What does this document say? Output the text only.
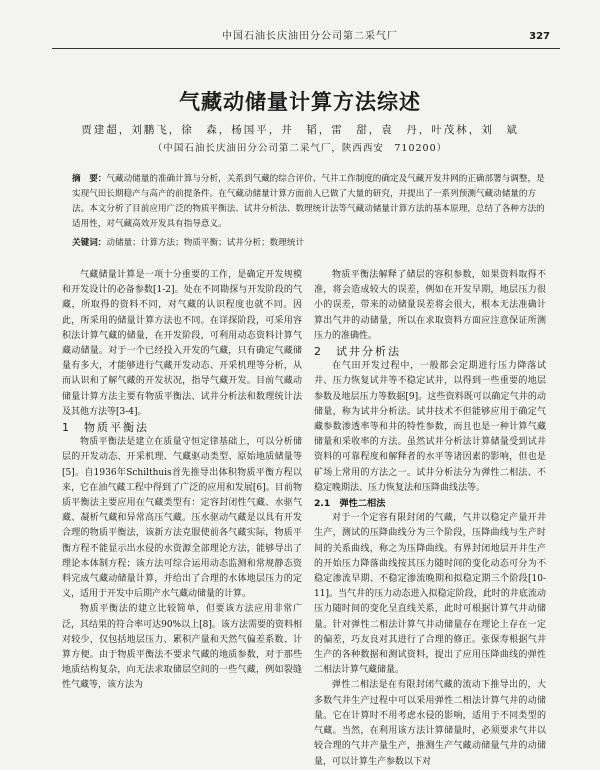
中国石油长庆油田分公司第二采气厂	327
气藏动储量计算方法综述
贾建超，刘鹏飞，徐　森，杨国平，井　韬，雷　甜，袁　丹，叶茂林，刘　斌
（中国石油长庆油田分公司第二采气厂，陕西西安　710200）
摘　要：气藏动储量的准确计算与分析，关系到气藏的综合评价、气井工作制度的确定及气藏开发井网的正确部署与调整，是实现气田长期稳产与高产的前提条件。在气藏动储量计算方面前人已做了大量的研究，并提出了一系列预测气藏动储量的方法。本文分析了目前应用广泛的物质平衡法、试井分析法、数理统计法等气藏动储量计算方法的基本原理，总结了各种方法的适用性，对气藏高效开发具有指导意义。
关键词：动储量；计算方法；物质平衡；试井分析；数理统计

气藏储量计算是一项十分重要的工作，是确定开发规模和开发设计的必备参数[1-2]。处在不同勘探与开发阶段的气藏，所取得的资料不同，对气藏的认识程度也就不同。因此，所采用的储量计算方法也不同。在详探阶段，可采用容积法计算气藏的储量，在开发阶段，可利用动态资料计算气藏动储量。对于一个已经投入开发的气藏，只有确定气藏储量有多大，才能够进行气藏开发动态、开采机理等分析，从而认识和了解气藏的开发状况，指导气藏开发。目前气藏动储量计算方法主要有物质平衡法、试井分析法和数理统计法及其他方法等[3-4]。

1　物质平衡法

物质平衡法是建立在质量守恒定律基础上，可以分析储层的开发动态、开采机理、气藏驱动类型、原始地质储量等[5]。自1936年Schilthuis首先推导出体积物质平衡方程以来，它在油气藏工程中得到了广泛的应用和发展[6]。目前物质平衡法主要应用在气藏类型有：定容封闭性气藏、水驱气藏、凝析气藏和异常高压气藏。压水驱动气藏是以具有开发合理的物质平衡法，该新方法克服使前各气藏实际，物质平衡方程不能显示出水侵的水资源全部理论方法，能够导出了理论本体制方程；该方法可综合运用动态监测和常规静态资料完成气藏动储量计算，并给出了合理的水体地层压力的定义，适用于开发中后期产水气藏动储量的计算。

物质平衡法的建立比较简单，但要该方法应用非常广泛，其结果的符合率可达90%以上[8]。该方法需要的资料相对较少，仅包括地层压力、累积产量和天然气偏差系数、计算方便。由于物质平衡法不要求气藏的地质参数，对于那些地质结构复杂，向无法求取储层空间的一些气藏，例如裂缝性气藏等，该方法为

物质平衡法解释了储层的容积参数，如果资料取得不准，将会造成较大的误差，例如在开发早期，地层压力很小的误差，带来的动储量误差将会很大，根本无法准确计算出气井的动储量，所以在求取资料方面应注意保证所测压力的准确性。

2　试井分析法

在气田开发过程中，一般都会定期进行压力降落试井、压力恢复试井等不稳定试井，以得到一些重要的地层参数及地层压力等数据[9]。这些资料既可以确定气井的动储量，称为试井分析法。试井技术不但能够应用于确定气藏参数渗透率等和井的特性参数，而且也是一种计算气藏储量和采收率的方法。虽然试井分析法计算储量受到试井资料的可靠程度和解释者的水平等诸因素的影响，但也是矿场上常用的方法之一。试井分析法分为弹性二相法、不稳定晚期法、压力恢复法和压降曲线法等。

2.1　弹性二相法

对于一个定容有限封闭的气藏，气井以稳定产量开井生产，测试的压降曲线分为三个阶段，压降曲线与生产时间的关系曲线，称之为压降曲线。有界封闭地层开井生产的开始压力降落曲线按其压力随时间的变化动态可分为不稳定渗流早期、不稳定渗流晚期和拟稳定期三个阶段[10-11]。当气井的压力动态进入拟稳定阶段，此时的井底流动压力随时间的变化呈直线关系，此时可根据计算气井动储量。针对弹性二相法计算气井动储量存在理论上存在一定的偏差，巧友良对其进行了合理的修正。张保寿根据气井生产的各种数据和测试资料，提出了应用压降曲线的弹性二相法计算气藏储量。

弹性二相法是在有限封闭气藏的流动下推导出的，大多数气井生产过程中可以采用弹性二相法计算气井的动储量。它在计算时不用考虑水侵的影响，适用于不同类型的气藏。当然，在利用该方法计算储量时，必须要求气井以较合理的气井产量生产，推测生产气藏动储量气井的动储量，可以计算生产参数以下对
